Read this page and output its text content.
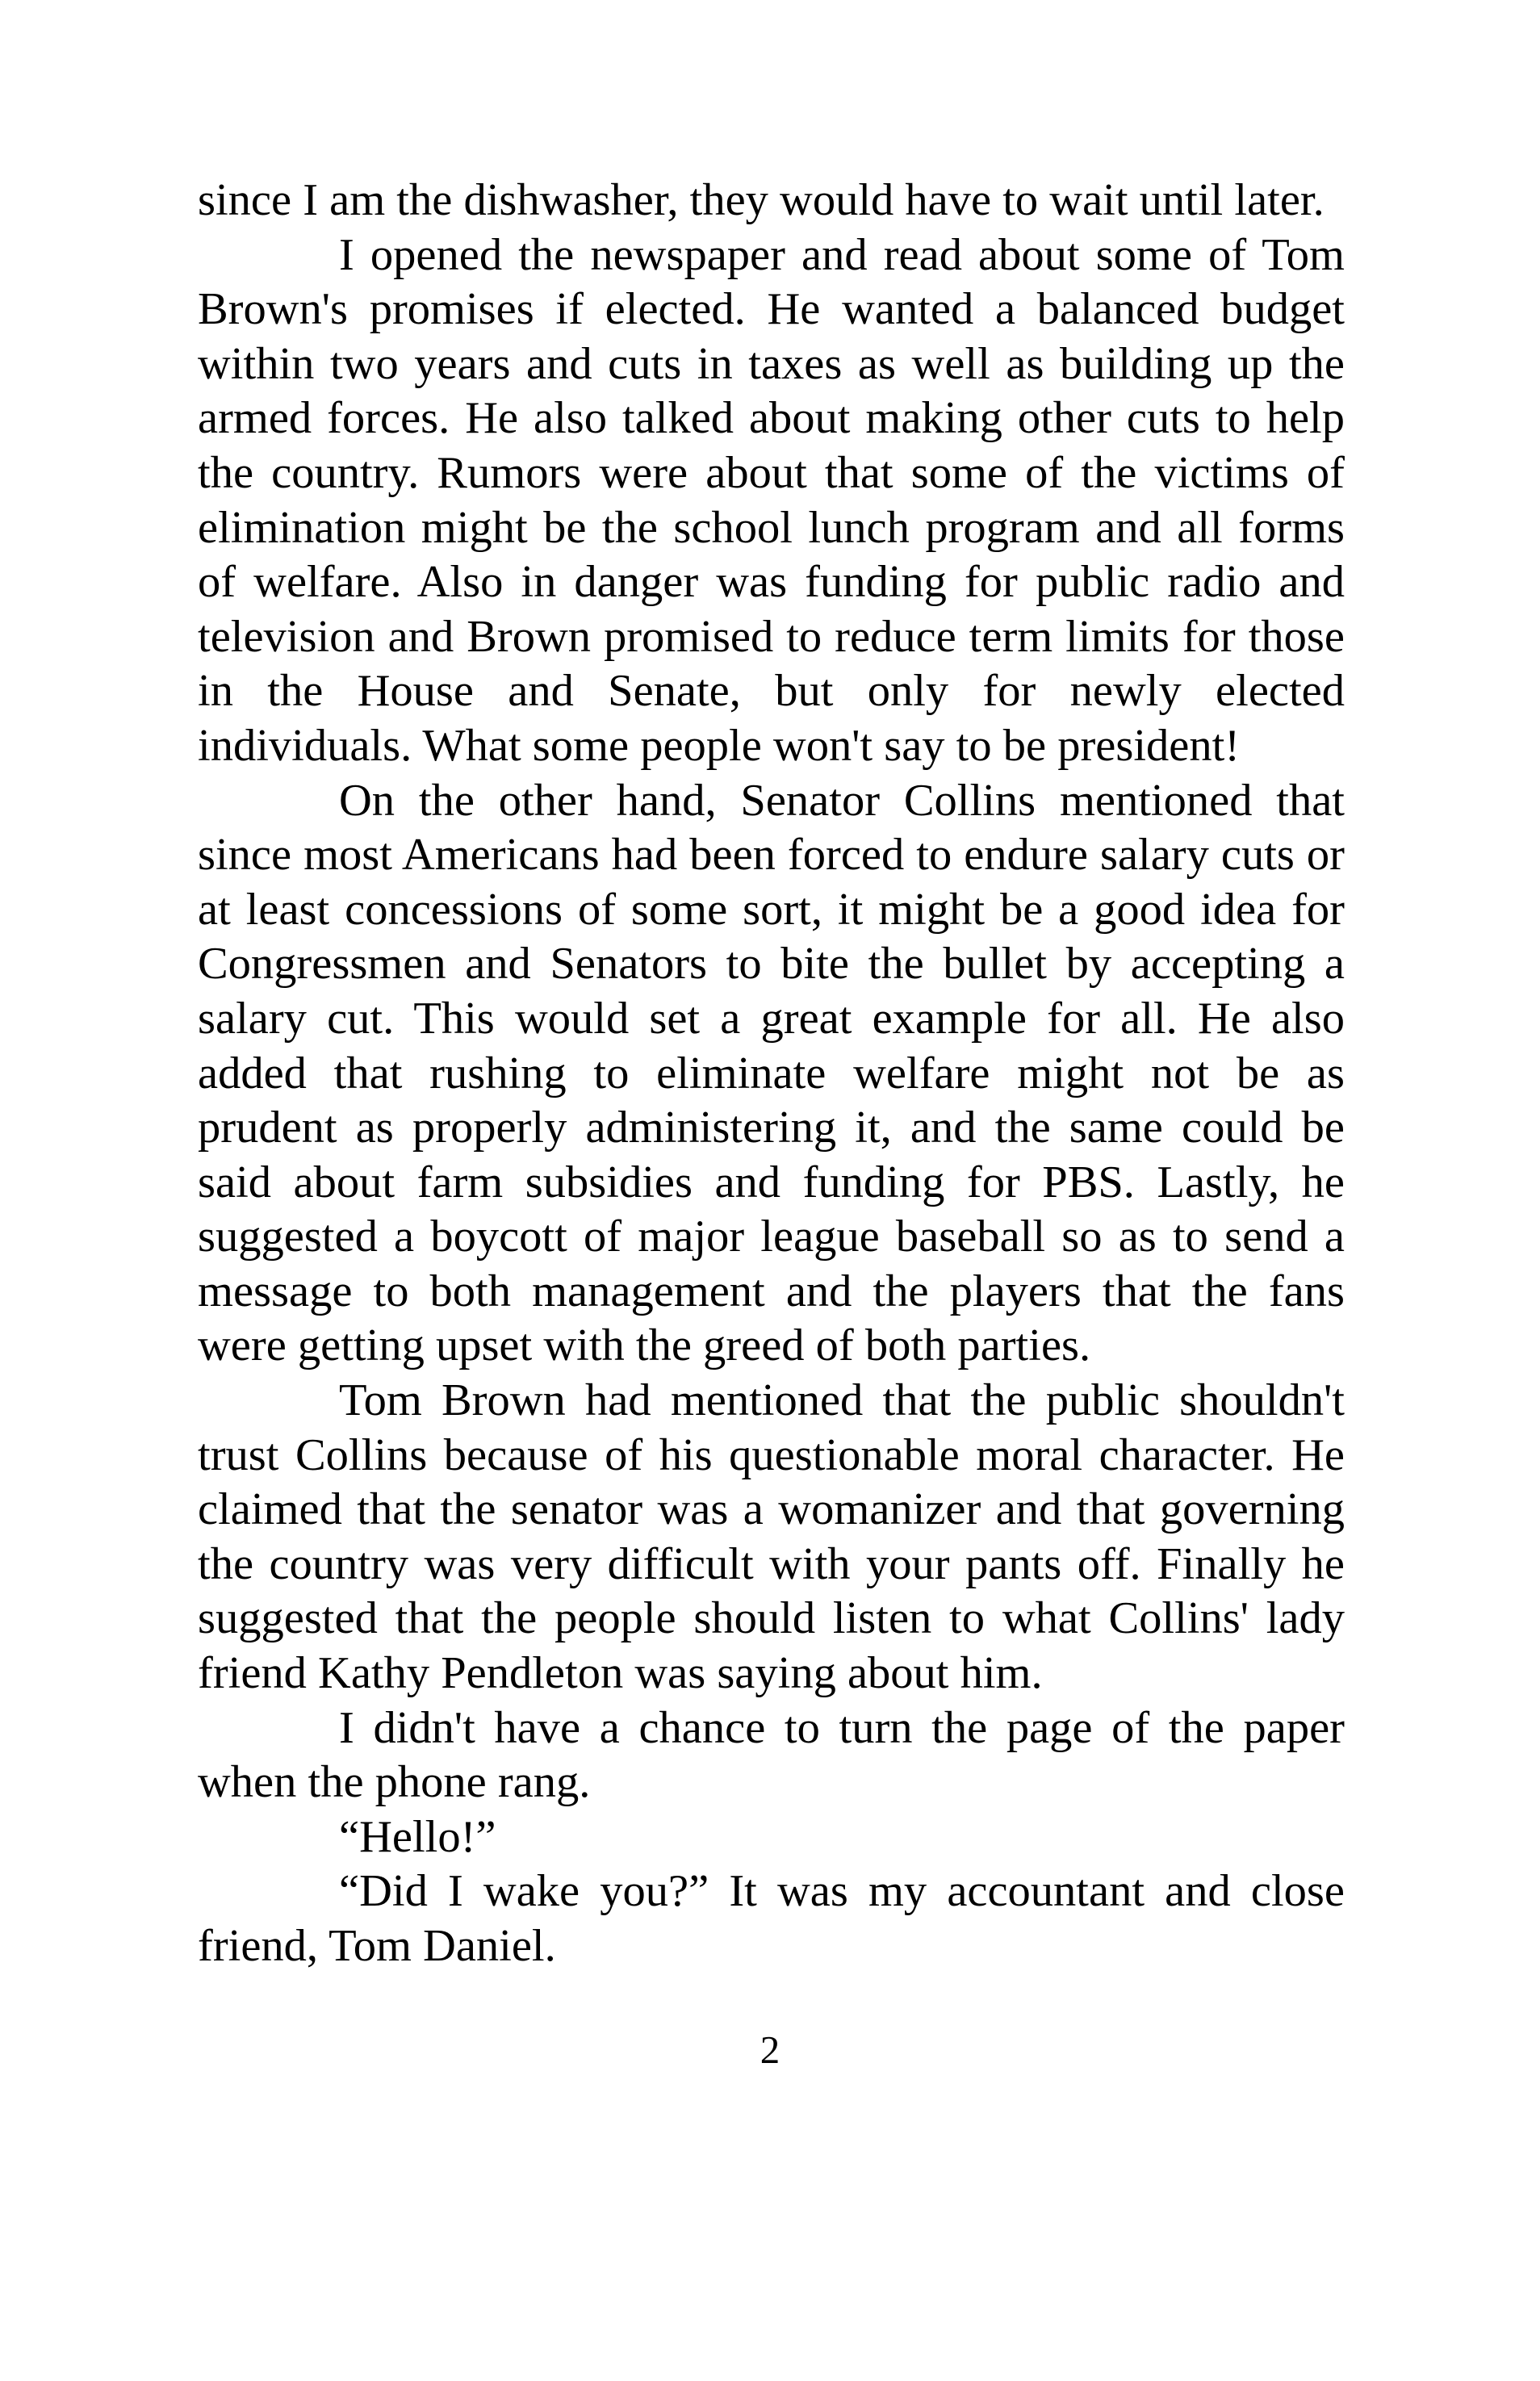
since I am the dishwasher, they would have to wait until later.

I opened the newspaper and read about some of Tom Brown's promises if elected. He wanted a balanced budget within two years and cuts in taxes as well as building up the armed forces. He also talked about making other cuts to help the country. Rumors were about that some of the victims of elimination might be the school lunch program and all forms of welfare. Also in danger was funding for public radio and television and Brown promised to reduce term limits for those in the House and Senate, but only for newly elected individuals. What some people won't say to be president!

On the other hand, Senator Collins mentioned that since most Americans had been forced to endure salary cuts or at least concessions of some sort, it might be a good idea for Congressmen and Senators to bite the bullet by accepting a salary cut. This would set a great example for all. He also added that rushing to eliminate welfare might not be as prudent as properly administering it, and the same could be said about farm subsidies and funding for PBS. Lastly, he suggested a boycott of major league baseball so as to send a message to both management and the players that the fans were getting upset with the greed of both parties.

Tom Brown had mentioned that the public shouldn't trust Collins because of his questionable moral character. He claimed that the senator was a womanizer and that governing the country was very difficult with your pants off. Finally he suggested that the people should listen to what Collins' lady friend Kathy Pendleton was saying about him.

I didn't have a chance to turn the page of the paper when the phone rang.

“Hello!”

“Did I wake you?” It was my accountant and close friend, Tom Daniel.

2
